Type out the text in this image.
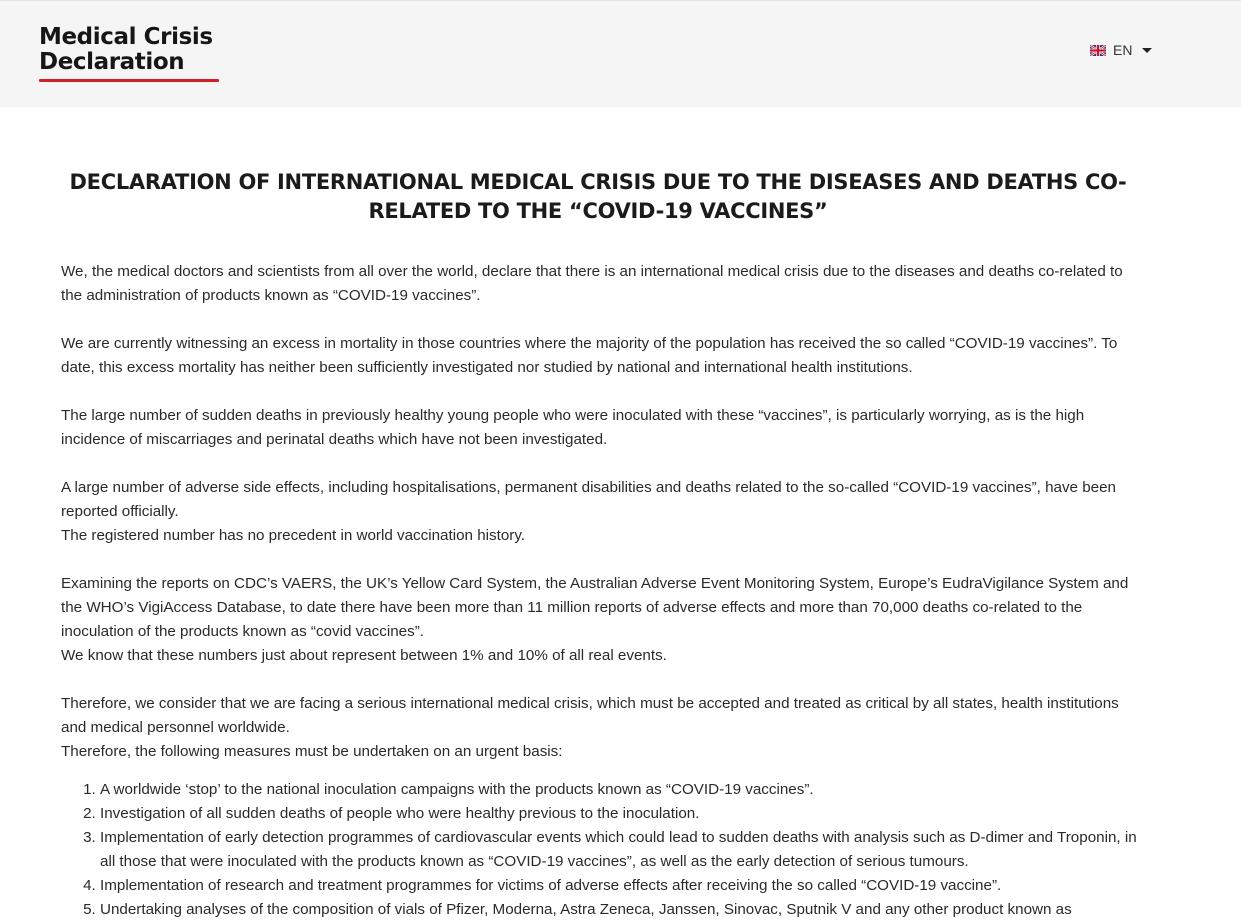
Medical Crisis
Declaration	EN
DECLARATION OF INTERNATIONAL MEDICAL CRISIS DUE TO THE DISEASES AND DEATHS CO-RELATED TO THE “COVID-19 VACCINES”

We, the medical doctors and scientists from all over the world, declare that there is an international medical crisis due to the diseases and deaths co-related to the administration of products known as “COVID-19 vaccines”.

We are currently witnessing an excess in mortality in those countries where the majority of the population has received the so called “COVID-19 vaccines”. To date, this excess mortality has neither been sufficiently investigated nor studied by national and international health institutions.

The large number of sudden deaths in previously healthy young people who were inoculated with these “vaccines”, is particularly worrying, as is the high incidence of miscarriages and perinatal deaths which have not been investigated.

A large number of adverse side effects, including hospitalisations, permanent disabilities and deaths related to the so-called “COVID-19 vaccines”, have been reported officially.
The registered number has no precedent in world vaccination history.

Examining the reports on CDC’s VAERS, the UK’s Yellow Card System, the Australian Adverse Event Monitoring System, Europe’s EudraVigilance System and the WHO’s VigiAccess Database, to date there have been more than 11 million reports of adverse effects and more than 70,000 deaths co-related to the inoculation of the products known as “covid vaccines”.
We know that these numbers just about represent between 1% and 10% of all real events.

Therefore, we consider that we are facing a serious international medical crisis, which must be accepted and treated as critical by all states, health institutions and medical personnel worldwide.
Therefore, the following measures must be undertaken on an urgent basis:

1. A worldwide ‘stop’ to the national inoculation campaigns with the products known as “COVID-19 vaccines”.
2. Investigation of all sudden deaths of people who were healthy previous to the inoculation.
3. Implementation of early detection programmes of cardiovascular events which could lead to sudden deaths with analysis such as D-dimer and Troponin, in all those that were inoculated with the products known as “COVID-19 vaccines”, as well as the early detection of serious tumours.
4. Implementation of research and treatment programmes for victims of adverse effects after receiving the so called “COVID-19 vaccine”.
5. Undertaking analyses of the composition of vials of Pfizer, Moderna, Astra Zeneca, Janssen, Sinovac, Sputnik V and any other product known as
